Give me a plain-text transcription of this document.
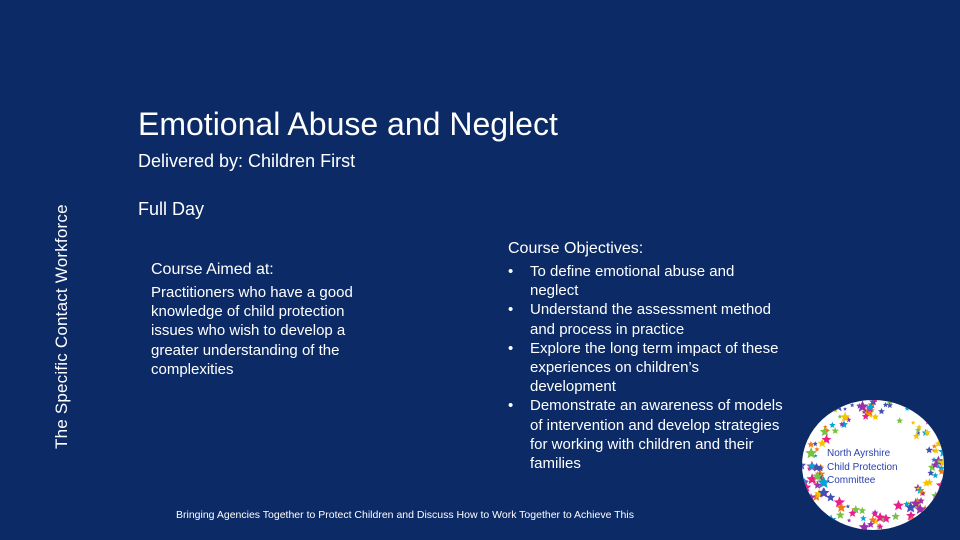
The Specific Contact Workforce
Emotional Abuse and Neglect
Delivered by: Children First
Full Day
Course Aimed at:
Practitioners who have a good knowledge of child protection issues who wish to develop a greater understanding of the complexities
Course Objectives:
• To define emotional abuse and neglect
• Understand the assessment method and process in practice
• Explore the long term impact of these experiences on children’s development
• Demonstrate an awareness of models of intervention and develop strategies for working with children and their families
Bringing Agencies Together to Protect Children and Discuss How to Work Together to Achieve This
North Ayrshire
Child Protection
Committee
